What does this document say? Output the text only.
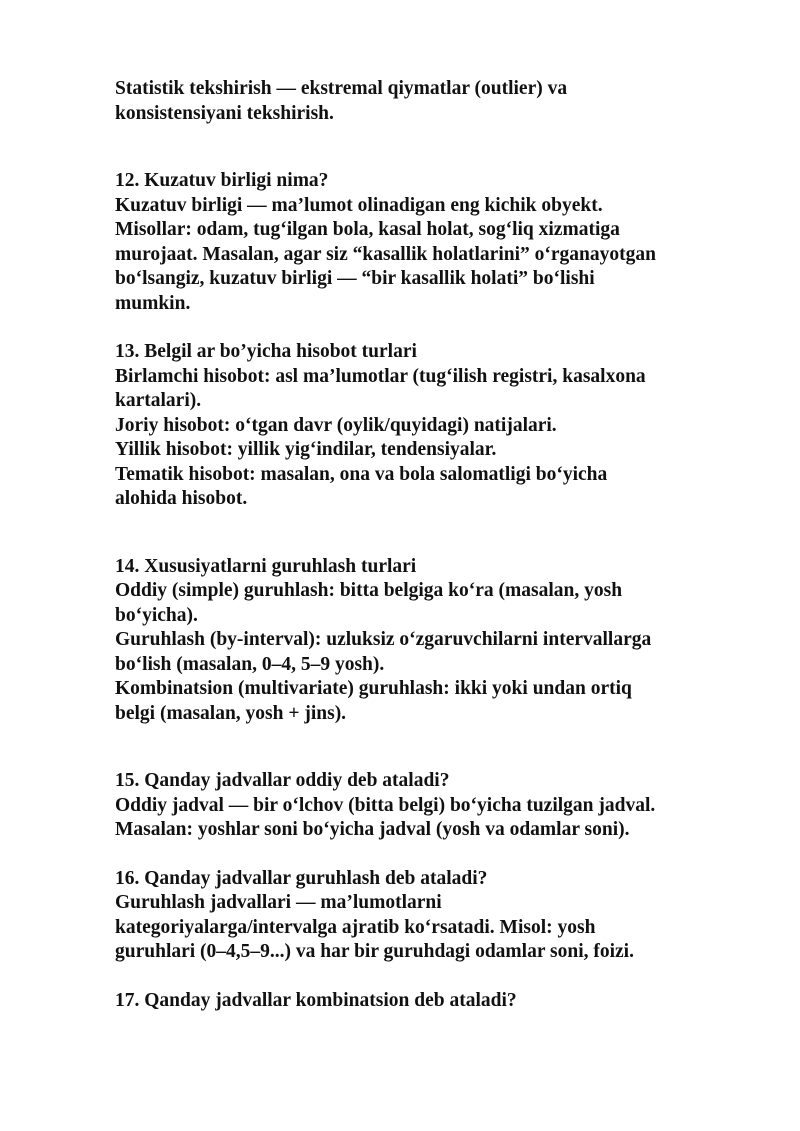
Statistik tekshirish — ekstremal qiymatlar (outlier) va
konsistensiyani tekshirish.
12. Kuzatuv birligi nima?
Kuzatuv birligi — ma’lumot olinadigan eng kichik obyekt.
Misollar: odam, tug‘ilgan bola, kasal holat, sog‘liq xizmatiga
murojaat. Masalan, agar siz “kasallik holatlarini” o‘rganayotgan
bo‘lsangiz, kuzatuv birligi — “bir kasallik holati” bo‘lishi
mumkin.
13. Belgil ar bo’yicha hisobot turlari
Birlamchi hisobot: asl ma’lumotlar (tug‘ilish registri, kasalxona
kartalari).
Joriy hisobot: o‘tgan davr (oylik/quyidagi) natijalari.
Yillik hisobot: yillik yig‘indilar, tendensiyalar.
Tematik hisobot: masalan, ona va bola salomatligi bo‘yicha
alohida hisobot.
14. Xususiyatlarni guruhlash turlari
Oddiy (simple) guruhlash: bitta belgiga ko‘ra (masalan, yosh
bo‘yicha).
Guruhlash (by-interval): uzluksiz o‘zgaruvchilarni intervallarga
bo‘lish (masalan, 0–4, 5–9 yosh).
Kombinatsion (multivariate) guruhlash: ikki yoki undan ortiq
belgi (masalan, yosh + jins).
15. Qanday jadvallar oddiy deb ataladi?
Oddiy jadval — bir o‘lchov (bitta belgi) bo‘yicha tuzilgan jadval.
Masalan: yoshlar soni bo‘yicha jadval (yosh va odamlar soni).
16. Qanday jadvallar guruhlash deb ataladi?
Guruhlash jadvallari — ma’lumotlarni
kategoriyalarga/intervalga ajratib ko‘rsatadi. Misol: yosh
guruhlari (0–4,5–9...) va har bir guruhdagi odamlar soni, foizi.
17. Qanday jadvallar kombinatsion deb ataladi?
